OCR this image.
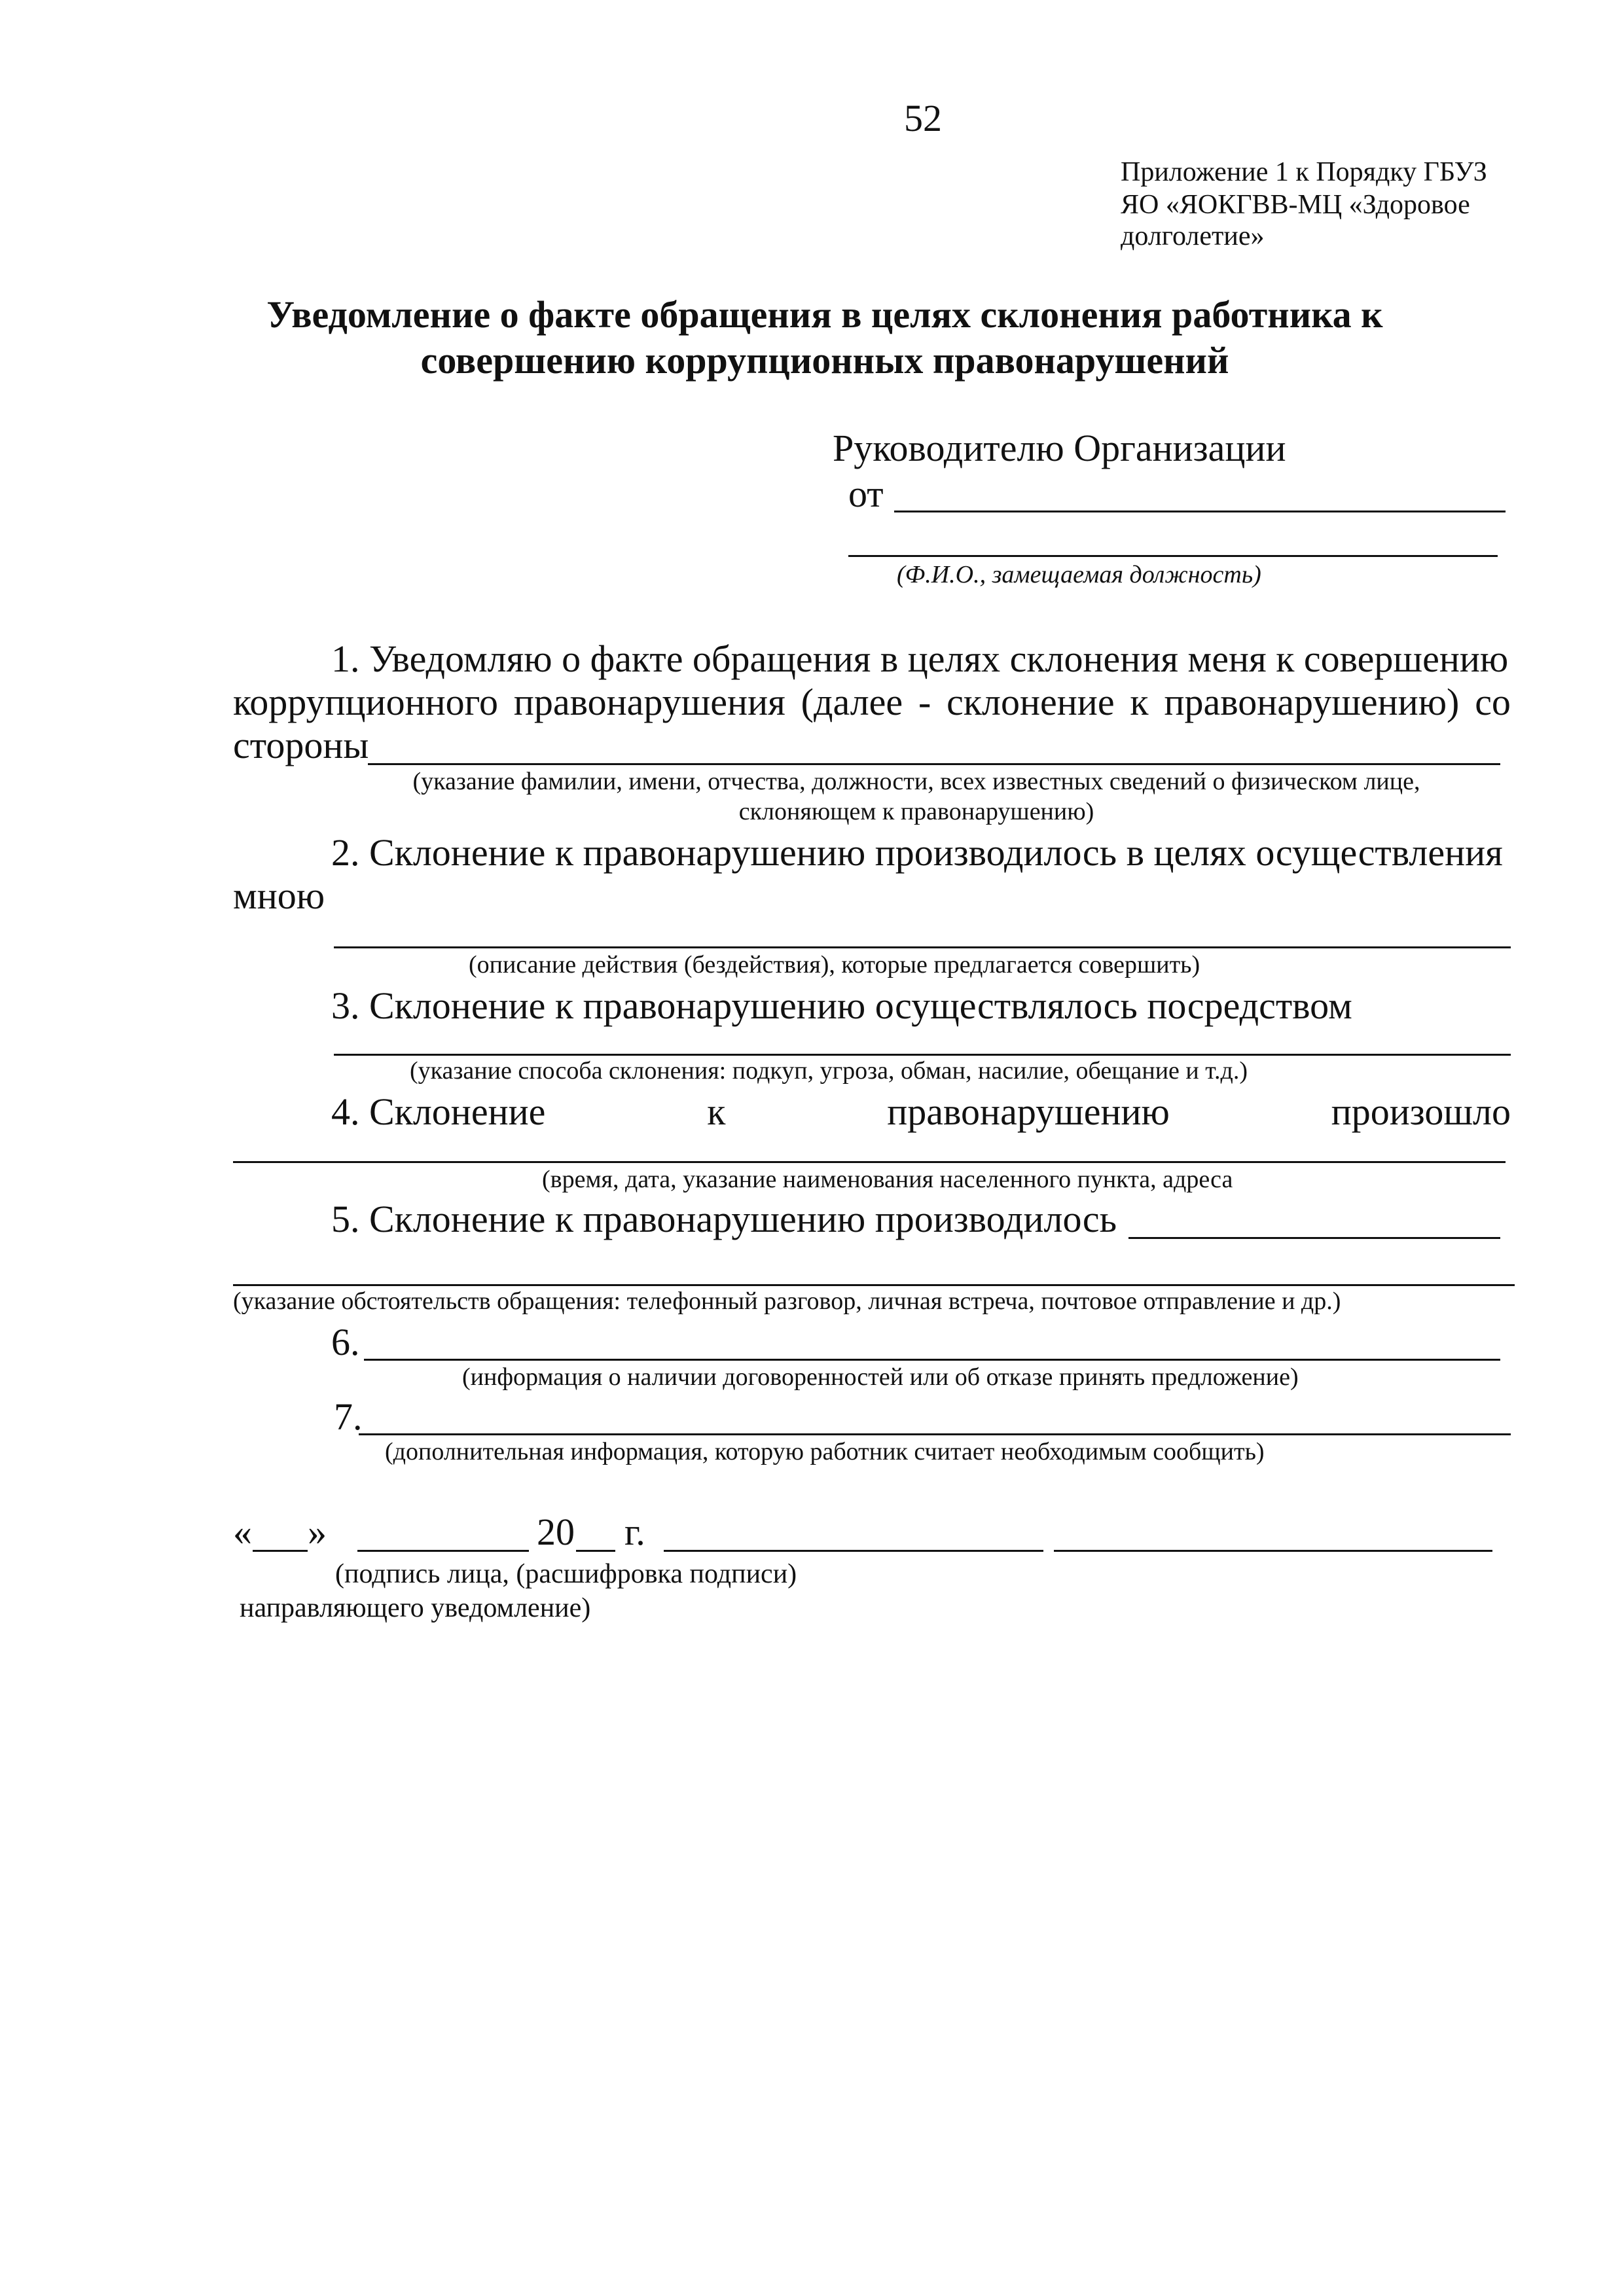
52
Приложение 1 к Порядку ГБУЗ
ЯО «ЯОКГВВ-МЦ «Здоровое
долголетие»
Уведомление о факте обращения в целях склонения работника к
совершению коррупционных правонарушений
Руководителю Организации
от
(Ф.И.О., замещаемая должность)
1. Уведомляю о факте обращения в целях склонения меня к совершению
коррупционного правонарушения (далее - склонение к правонарушению) со
стороны
(указание фамилии, имени, отчества, должности, всех известных сведений о физическом лице,
склоняющем к правонарушению)
2. Склонение к правонарушению производилось в целях осуществления
мною
(описание действия (бездействия), которые предлагается совершить)
3. Склонение к правонарушению осуществлялось посредством
(указание способа склонения: подкуп, угроза, обман, насилие, обещание и т.д.)
4. Склонение	к	правонарушению	произошло
(время, дата, указание наименования населенного пункта, адреса
5. Склонение к правонарушению производилось
(указание обстоятельств обращения: телефонный разговор, личная встреча, почтовое отправление и др.)
6.
(информация о наличии договоренностей или об отказе принять предложение)
7.
(дополнительная информация, которую работник считает необходимым сообщить)
« »	20 г.
(подпись лица, (расшифровка подписи)
направляющего уведомление)
